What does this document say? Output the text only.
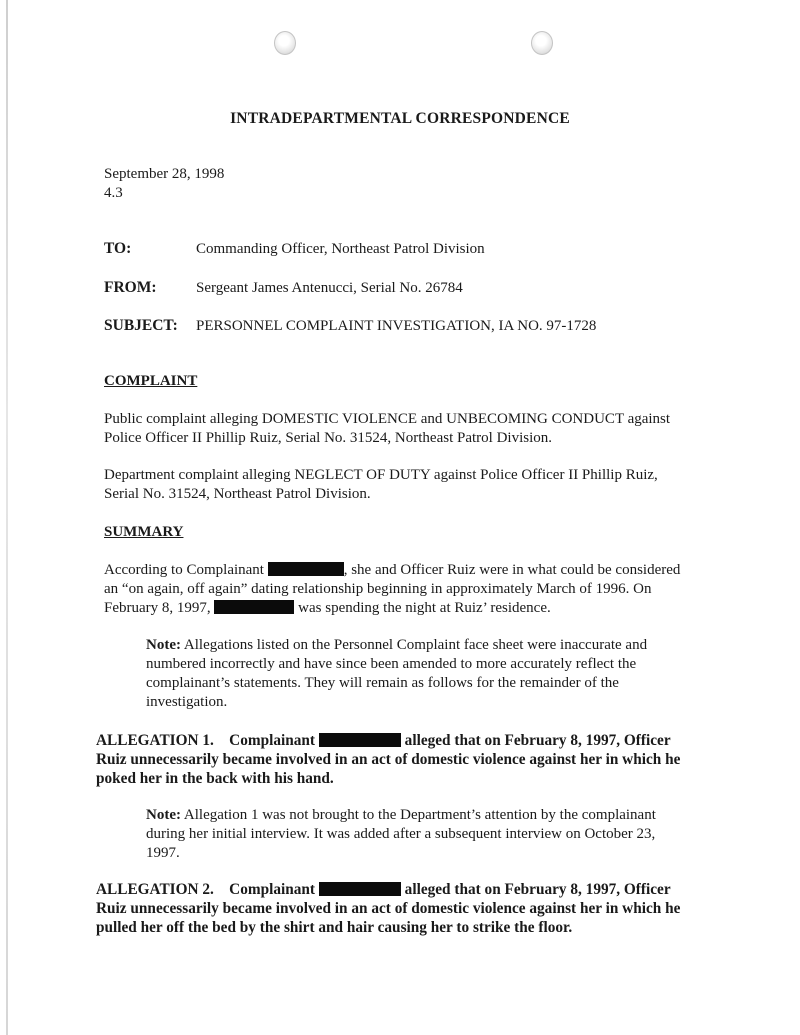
INTRADEPARTMENTAL CORRESPONDENCE
September 28, 1998
4.3
TO:	Commanding Officer, Northeast Patrol Division
FROM:	Sergeant James Antenucci, Serial No. 26784
SUBJECT: PERSONNEL COMPLAINT INVESTIGATION, IA NO. 97-1728
COMPLAINT
Public complaint alleging DOMESTIC VIOLENCE and UNBECOMING CONDUCT against
Police Officer II Phillip Ruiz, Serial No. 31524, Northeast Patrol Division.
Department complaint alleging NEGLECT OF DUTY against Police Officer II Phillip Ruiz,
Serial No. 31524, Northeast Patrol Division.
SUMMARY
According to Complainant	, she and Officer Ruiz were in what could be considered
an “on again, off again” dating relationship beginning in approximately March of 1996. On
February 8, 1997,	was spending the night at Ruiz’ residence.
Note: Allegations listed on the Personnel Complaint face sheet were inaccurate and
numbered incorrectly and have since been amended to more accurately reflect the
complainant’s statements. They will remain as follows for the remainder of the
investigation.
ALLEGATION 1.    Complainant	alleged that on February 8, 1997, Officer
Ruiz unnecessarily became involved in an act of domestic violence against her in which he
poked her in the back with his hand.
Note: Allegation 1 was not brought to the Department’s attention by the complainant
during her initial interview. It was added after a subsequent interview on October 23,
1997.
ALLEGATION 2.    Complainant	alleged that on February 8, 1997, Officer
Ruiz unnecessarily became involved in an act of domestic violence against her in which he
pulled her off the bed by the shirt and hair causing her to strike the floor.
